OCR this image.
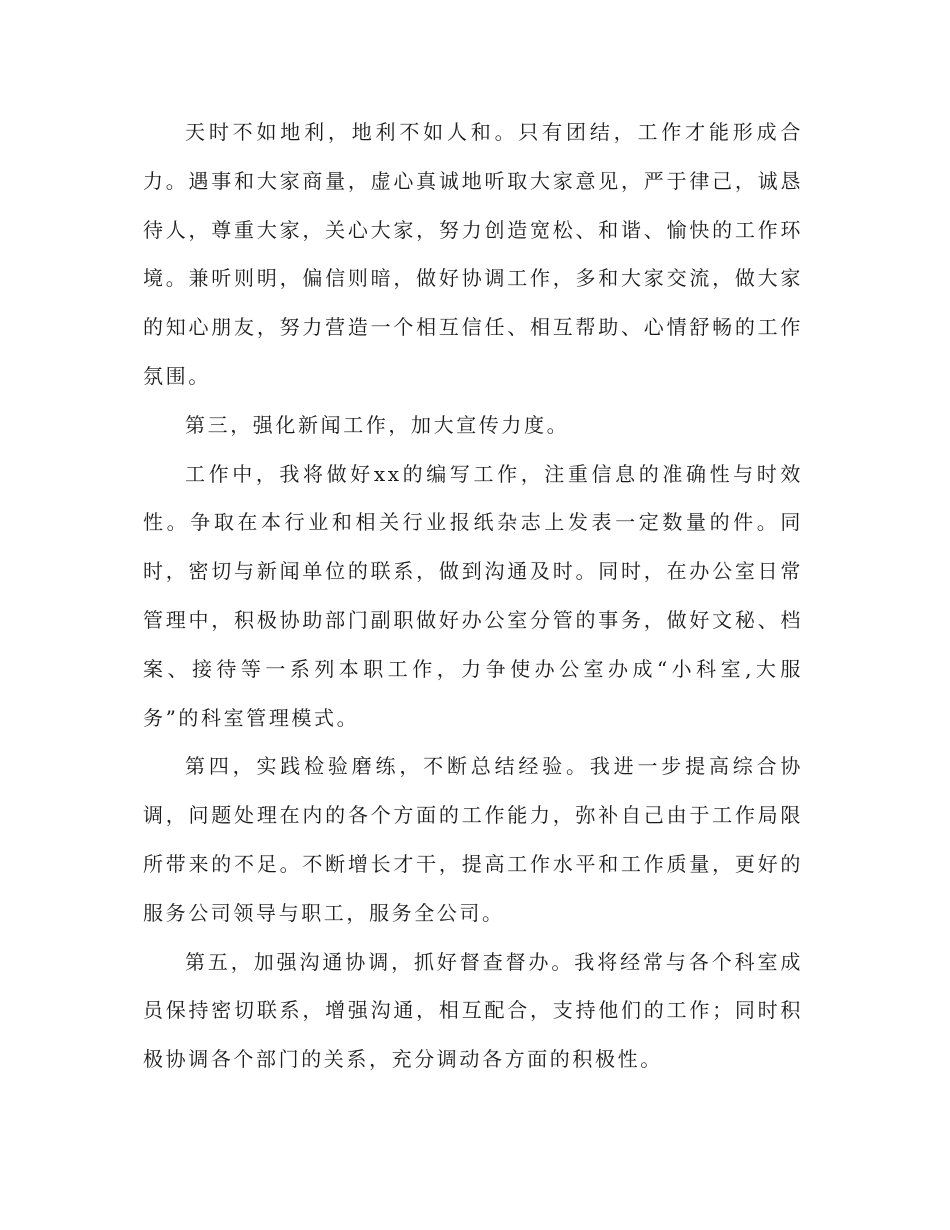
天时不如地利，地利不如人和。只有团结，工作才能形成合力。遇事和大家商量，虚心真诚地听取大家意见，严于律己，诚恳待人，尊重大家，关心大家，努力创造宽松、和谐、愉快的工作环境。兼听则明，偏信则暗，做好协调工作，多和大家交流，做大家的知心朋友，努力营造一个相互信任、相互帮助、心情舒畅的工作氛围。

第三，强化新闻工作，加大宣传力度。

工作中，我将做好xx的编写工作，注重信息的准确性与时效性。争取在本行业和相关行业报纸杂志上发表一定数量的件。同时，密切与新闻单位的联系，做到沟通及时。同时，在办公室日常管理中，积极协助部门副职做好办公室分管的事务，做好文秘、档案、接待等一系列本职工作，力争使办公室办成“小科室,大服务”的科室管理模式。

第四，实践检验磨练，不断总结经验。我进一步提高综合协调，问题处理在内的各个方面的工作能力，弥补自己由于工作局限所带来的不足。不断增长才干，提高工作水平和工作质量，更好的服务公司领导与职工，服务全公司。

第五，加强沟通协调，抓好督查督办。我将经常与各个科室成员保持密切联系，增强沟通，相互配合，支持他们的工作；同时积极协调各个部门的关系，充分调动各方面的积极性。
